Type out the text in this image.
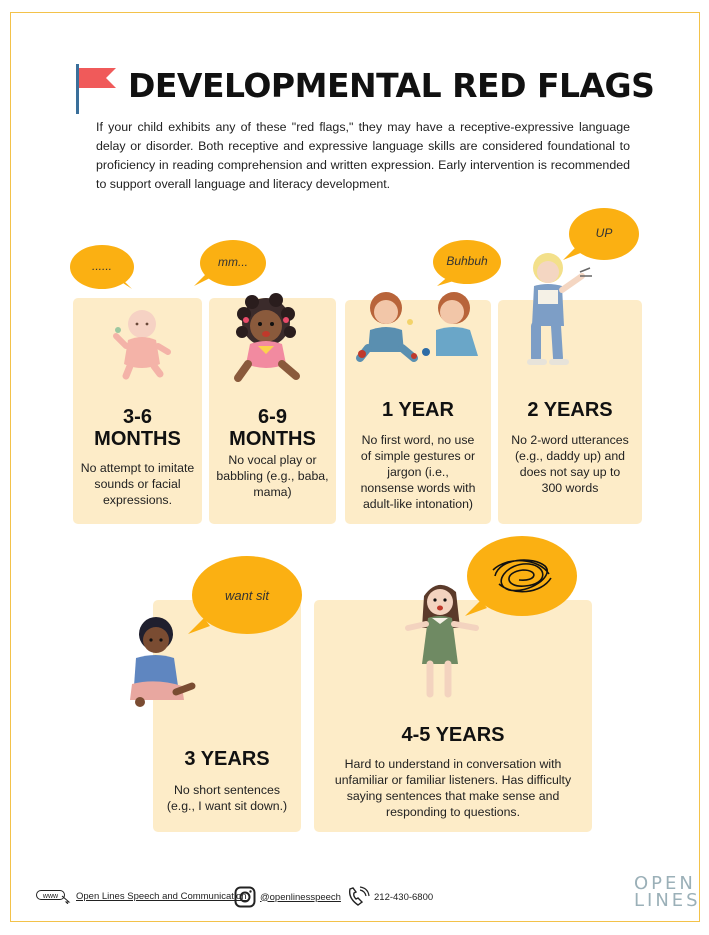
DEVELOPMENTAL RED FLAGS
If your child exhibits any of these "red flags," they may have a receptive-expressive language delay or disorder. Both receptive and expressive language skills are considered foundational to proficiency in reading comprehension and written expression. Early intervention is recommended to support overall language and literacy development.
3-6 MONTHS
No attempt to imitate sounds or facial expressions.
6-9 MONTHS
No vocal play or babbling (e.g., baba, mama)
1 YEAR
No first word, no use of simple gestures or jargon (i.e., nonsense words with adult-like intonation)
2 YEARS
No 2-word utterances (e.g., daddy up) and does not say up to 300 words
3 YEARS
No short sentences (e.g., I want sit down.)
4-5 YEARS
Hard to understand in conversation with unfamiliar or familiar listeners. Has difficulty saying sentences that make sense and responding to questions.
......	mm...	Buhbuh
UP
want sit
www Open Lines Speech and Communication @openlinesspeech	212-430-6800
OPEN
LINES
